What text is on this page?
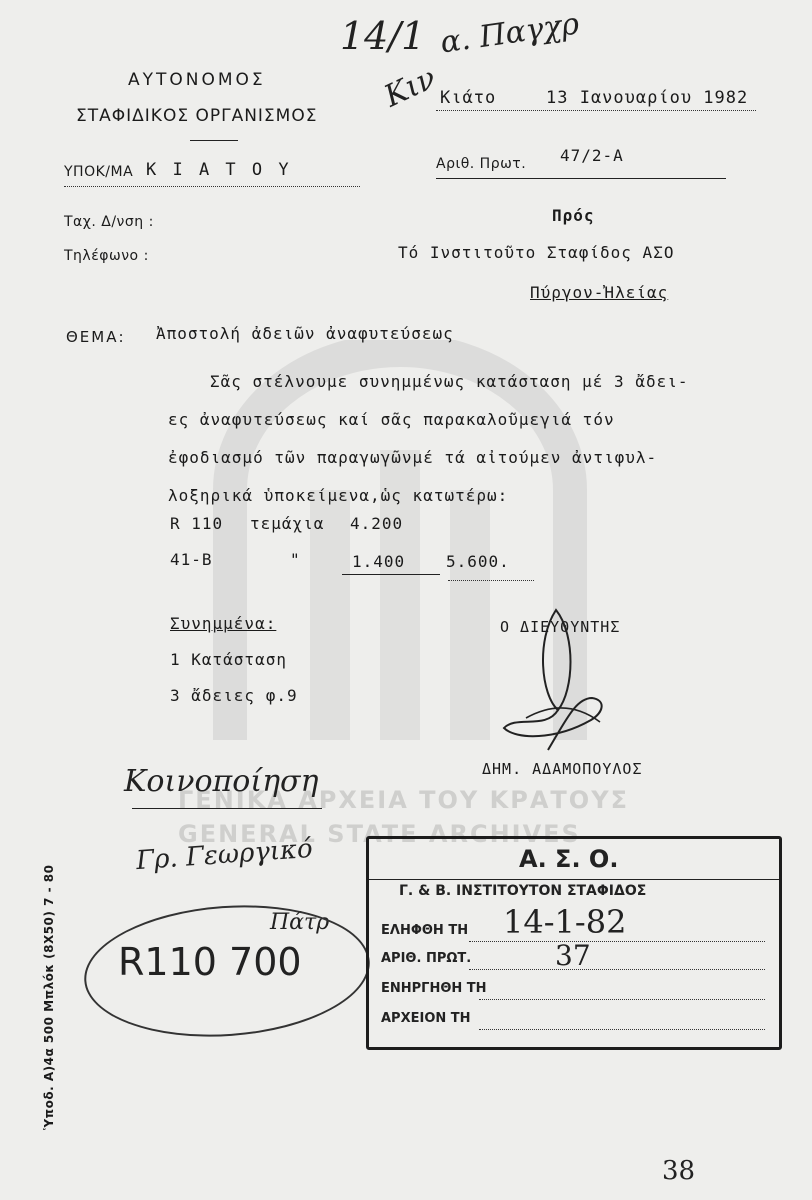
ΓΕΝΙΚΑ ΑΡΧΕΙΑ ΤΟΥ ΚΡΑΤΟΥΣ
GENERAL STATE ARCHIVES
ΑΥΤΟΝΟΜΟΣ
ΣΤΑΦΙΔΙΚΟΣ ΟΡΓΑΝΙΣΜΟΣ
ΥΠΟΚ/ΜΑ Κ Ι Α Τ Ο Υ
Ταχ. Δ/νση :
Τηλέφωνο :
14/1 α. Παγχρ
Κιν
Κιάτο	13 Ιανουαρίου 1982
Αριθ. Πρωτ. 47/2-Α
Πρός
Τό Ινστιτοῦτο Σταφίδος ΑΣΟ
Πύργον-Ἠλείας
ΘΕΜΑ: Ἀποστολή ἀδειῶν ἀναφυτεύσεως
Σᾶς στέλνουμε συνημμένως κατάσταση μέ 3 ἄδει-
ες ἀναφυτεύσεως καί σᾶς παρακαλοῦμεγιά τόν
ἐφοδιασμό τῶν παραγωγῶνμέ τά αἰτούμεν ἀντιφυλ-
λοξηρικά ὑποκείμενα,ὡς κατωτέρω:
R 110 τεμάχια 4.200
41-Β	"	1.400	5.600.
Συνημμένα:
1 Κατάσταση
3 ἄδειες φ.9
Ο ΔΙΕΥΘΥΝΤΗΣ
ΔΗΜ. ΑΔΑΜΟΠΟΥΛΟΣ
Κοινοποίηση
Γρ. Γεωργικό
Πάτρ
R110 700
Α. Σ. Ο.
Γ. & Β. ΙΝΣΤΙΤΟΥΤΟΝ ΣΤΑΦΙΔΟΣ
ΕΛΗΦΘΗ ΤΗ 14-1-82
ΑΡΙΘ. ΠΡΩΤ.	37
ΕΝΗΡΓΗΘΗ ΤΗ
ΑΡΧΕΙΟΝ ΤΗ
Ὑποδ. Α)4α 500 Μπλόκ (8Χ50) 7 - 80
38
